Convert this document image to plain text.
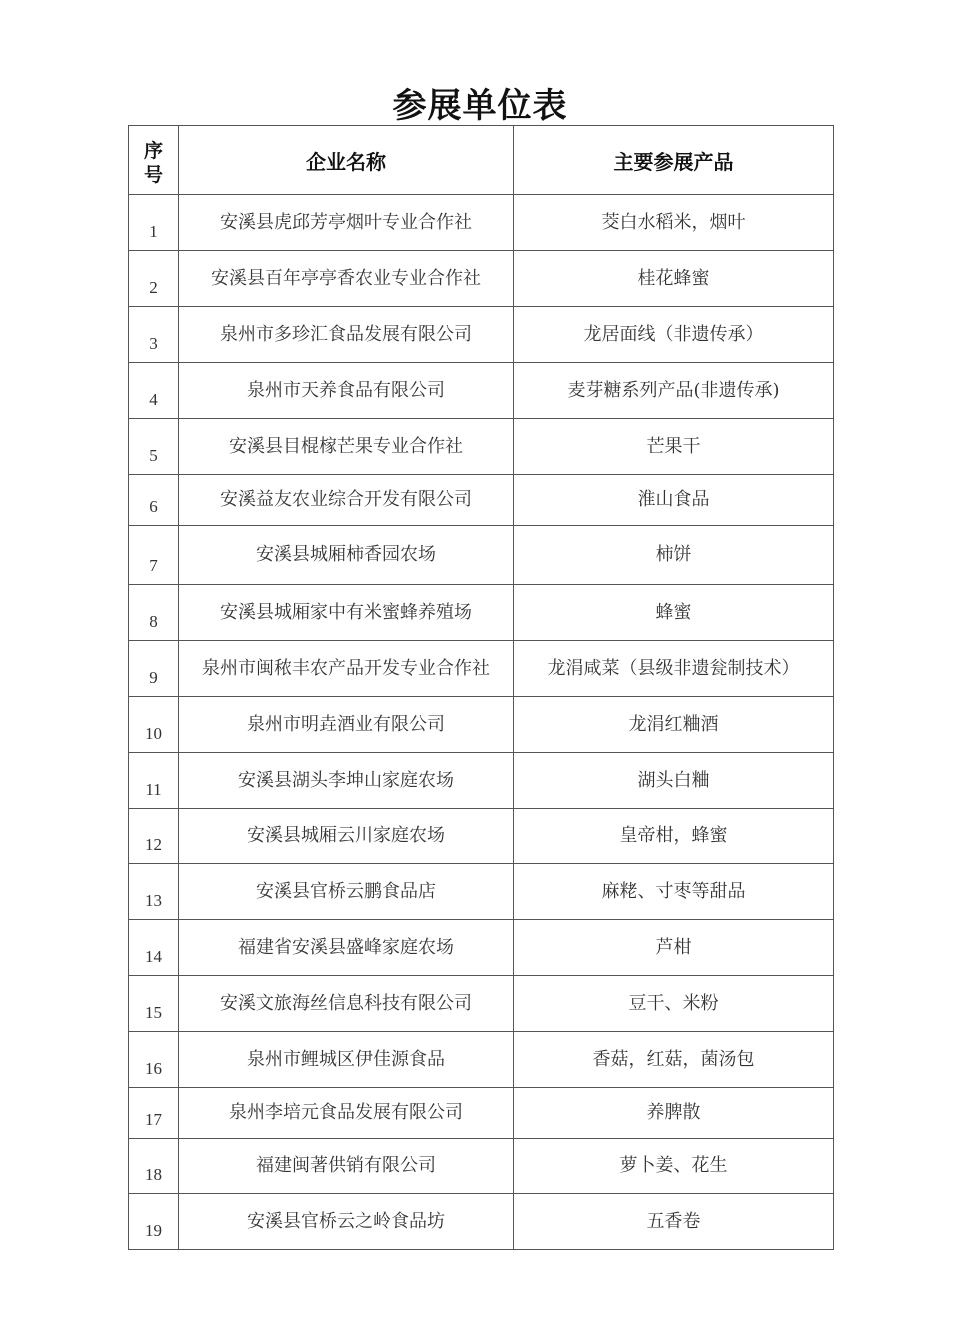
参展单位表
序号	企业名称	主要参展产品
1	安溪县虎邱芳亭烟叶专业合作社	茭白水稻米，烟叶
2	安溪县百年亭亭香农业专业合作社	桂花蜂蜜
3	泉州市多珍汇食品发展有限公司	龙居面线（非遗传承）
4	泉州市天养食品有限公司	麦芽糖系列产品(非遗传承)
5	安溪县目棍榢芒果专业合作社	芒果干
6	安溪益友农业综合开发有限公司	淮山食品
7	安溪县城厢柿香园农场	柿饼
8	安溪县城厢家中有米蜜蜂养殖场	蜂蜜
9	泉州市闽秾丰农产品开发专业合作社	龙涓咸菜（县级非遗瓮制技术）
10	泉州市明垚酒业有限公司	龙涓红粬酒
11	安溪县湖头李坤山家庭农场	湖头白粬
12	安溪县城厢云川家庭农场	皇帝柑，蜂蜜
13	安溪县官桥云鹏食品店	麻粩、寸枣等甜品
14	福建省安溪县盛峰家庭农场	芦柑
15	安溪文旅海丝信息科技有限公司	豆干、米粉
16	泉州市鲤城区伊佳源食品	香菇，红菇，菌汤包
17	泉州李培元食品发展有限公司	养脾散
18	福建闽著供销有限公司	萝卜姜、花生
19	安溪县官桥云之岭食品坊	五香卷
